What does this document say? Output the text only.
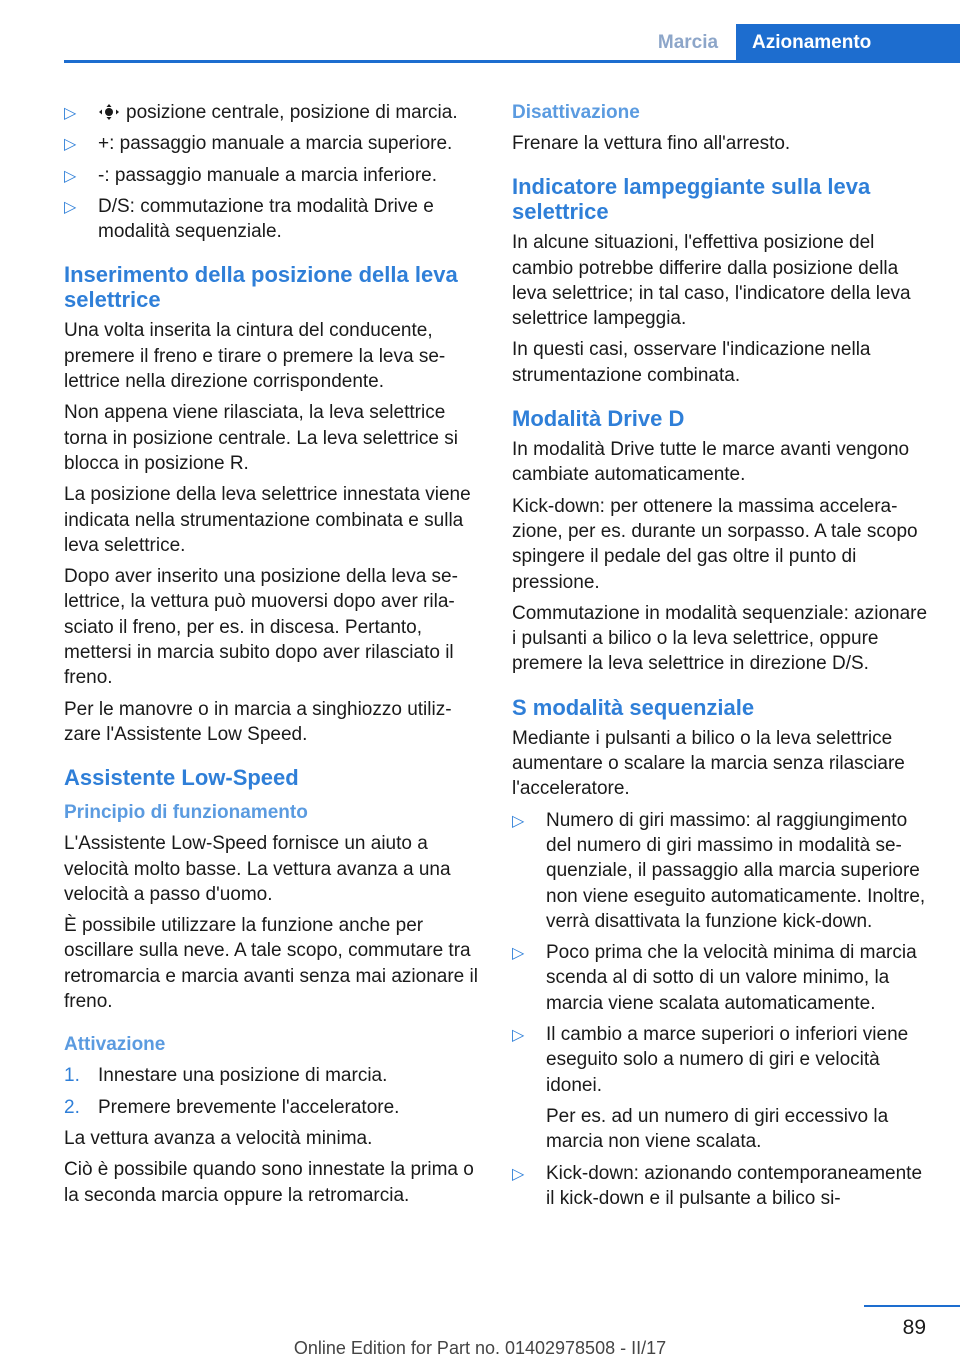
Marcia	Azionamento
▷	posizione centrale, posizione di marcia.
▷ +: passaggio manuale a marcia superiore.
▷ -: passaggio manuale a marcia inferiore.
▷ D/S: commutazione tra modalità Drive e modalità sequenziale.
Inserimento della posizione della leva selettrice

Una volta inserita la cintura del conducente, premere il freno e tirare o premere la leva selettrice nella direzione corrispondente.

Non appena viene rilasciata, la leva selettrice torna in posizione centrale. La leva selettrice si blocca in posizione R.

La posizione della leva selettrice innestata viene indicata nella strumentazione combinata e sulla leva selettrice.

Dopo aver inserito una posizione della leva selettrice, la vettura può muoversi dopo aver rilasciato il freno, per es. in discesa. Pertanto, mettersi in marcia subito dopo aver rilasciato il freno.

Per le manovre o in marcia a singhiozzo utilizzare l'Assistente Low Speed.

Assistente Low-Speed
Principio di funzionamento

L'Assistente Low-Speed fornisce un aiuto a velocità molto basse. La vettura avanza a una velocità a passo d'uomo.

È possibile utilizzare la funzione anche per oscillare sulla neve. A tale scopo, commutare tra retromarcia e marcia avanti senza mai azionare il freno.

Attivazione
1. Innestare una posizione di marcia.
2. Premere brevemente l'acceleratore.

La vettura avanza a velocità minima.

Ciò è possibile quando sono innestate la prima o la seconda marcia oppure la retromarcia.

Disattivazione

Frenare la vettura fino all'arresto.

Indicatore lampeggiante sulla leva selettrice

In alcune situazioni, l'effettiva posizione del cambio potrebbe differire dalla posizione della leva selettrice; in tal caso, l'indicatore della leva selettrice lampeggia.

In questi casi, osservare l'indicazione nella strumentazione combinata.

Modalità Drive D

In modalità Drive tutte le marce avanti vengono cambiate automaticamente.

Kick-down: per ottenere la massima accelerazione, per es. durante un sorpasso. A tale scopo spingere il pedale del gas oltre il punto di pressione.

Commutazione in modalità sequenziale: azionare i pulsanti a bilico o la leva selettrice, oppure premere la leva selettrice in direzione D/S.

S modalità sequenziale

Mediante i pulsanti a bilico o la leva selettrice aumentare o scalare la marcia senza rilasciare l'acceleratore.

▷ Numero di giri massimo: al raggiungimento del numero di giri massimo in modalità sequenziale, il passaggio alla marcia superiore non viene eseguito automaticamente. Inoltre, verrà disattivata la funzione kick-down.
▷ Poco prima che la velocità minima di marcia scenda al di sotto di un valore minimo, la marcia viene scalata automaticamente.
▷ Il cambio a marce superiori o inferiori viene eseguito solo a numero di giri e velocità idonei.
Per es. ad un numero di giri eccessivo la marcia non viene scalata.
▷ Kick-down: azionando contemporaneamente il kick-down e il pulsante a bilico si-
89
Online Edition for Part no. 01402978508 - II/17
